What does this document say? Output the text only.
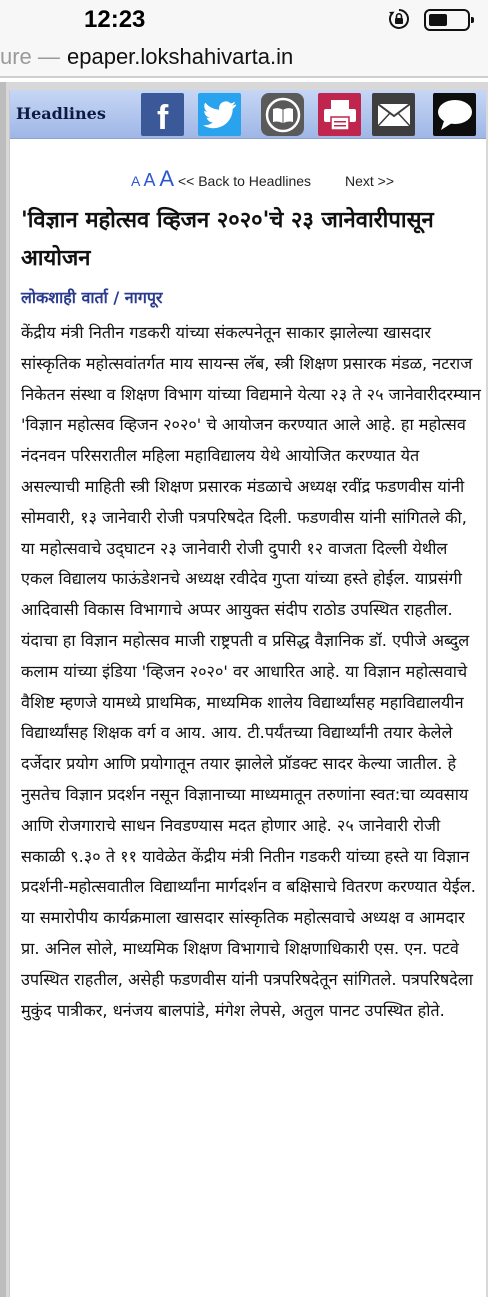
12:23
ure — epaper.lokshahivarta.in
Headlines f
A A A << Back to Headlines Next >>
'विज्ञान महोत्सव व्हिजन २०२०'चे २३ जानेवारीपासून आयोजन
लोकशाही वार्ता / नागपूर

केंद्रीय मंत्री नितीन गडकरी यांच्या संकल्पनेतून साकार झालेल्या खासदार सांस्कृतिक महोत्सवांतर्गत माय सायन्स लॅब, स्त्री शिक्षण प्रसारक मंडळ, नटराज निकेतन संस्था व शिक्षण विभाग यांच्या विद्यमाने येत्या २३ ते २५ जानेवारीदरम्यान 'विज्ञान महोत्सव व्हिजन २०२०' चे आयोजन करण्यात आले आहे. हा महोत्सव नंदनवन परिसरातील महिला महाविद्यालय येथे आयोजित करण्यात येत असल्याची माहिती स्त्री शिक्षण प्रसारक मंडळाचे अध्यक्ष रवींद्र फडणवीस यांनी सोमवारी, १३ जानेवारी रोजी पत्रपरिषदेत दिली. फडणवीस यांनी सांगितले की, या महोत्सवाचे उद्‌घाटन २३ जानेवारी रोजी दुपारी १२ वाजता दिल्ली येथील एकल विद्यालय फाऊंडेशनचे अध्यक्ष रवीदेव गुप्ता यांच्या हस्ते होईल. याप्रसंगी आदिवासी विकास विभागाचे अप्पर आयुक्त संदीप राठोड उपस्थित राहतील. यंदाचा हा विज्ञान महोत्सव माजी राष्ट्रपती व प्रसिद्ध वैज्ञानिक डॉ. एपीजे अब्दुल कलाम यांच्या इंडिया 'व्हिजन २०२०' वर आधारित आहे. या विज्ञान महोत्सवाचे वैशिष्ट म्हणजे यामध्ये प्राथमिक, माध्यमिक शालेय विद्यार्थ्यांसह महाविद्यालयीन विद्यार्थ्यांसह शिक्षक वर्ग व आय. आय. टी.पर्यंतच्या विद्यार्थ्यांनी तयार केलेले दर्जेदार प्रयोग आणि प्रयोगातून तयार झालेले प्रॉडक्ट सादर केल्या जातील. हे नुसतेच विज्ञान प्रदर्शन नसून विज्ञानाच्या माध्यमातून तरुणांना स्वत:चा व्यवसाय आणि रोजगाराचे साधन निवडण्यास मदत होणार आहे. २५ जानेवारी रोजी सकाळी ९.३० ते ११ यावेळेत केंद्रीय मंत्री नितीन गडकरी यांच्या हस्ते या विज्ञान प्रदर्शनी-महोत्सवातील विद्यार्थ्यांना मार्गदर्शन व बक्षिसाचे वितरण करण्यात येईल.

या समारोपीय कार्यक्रमाला खासदार सांस्कृतिक महोत्सवाचे अध्यक्ष व आमदार प्रा. अनिल सोले, माध्यमिक शिक्षण विभागाचे शिक्षणाधिकारी एस. एन. पटवे उपस्थित राहतील, असेही फडणवीस यांनी पत्रपरिषदेतून सांगितले. पत्रपरिषदेला मुकुंद पात्रीकर, धनंजय बालपांडे, मंगेश लेपसे, अतुल पानट उपस्थित होते.
